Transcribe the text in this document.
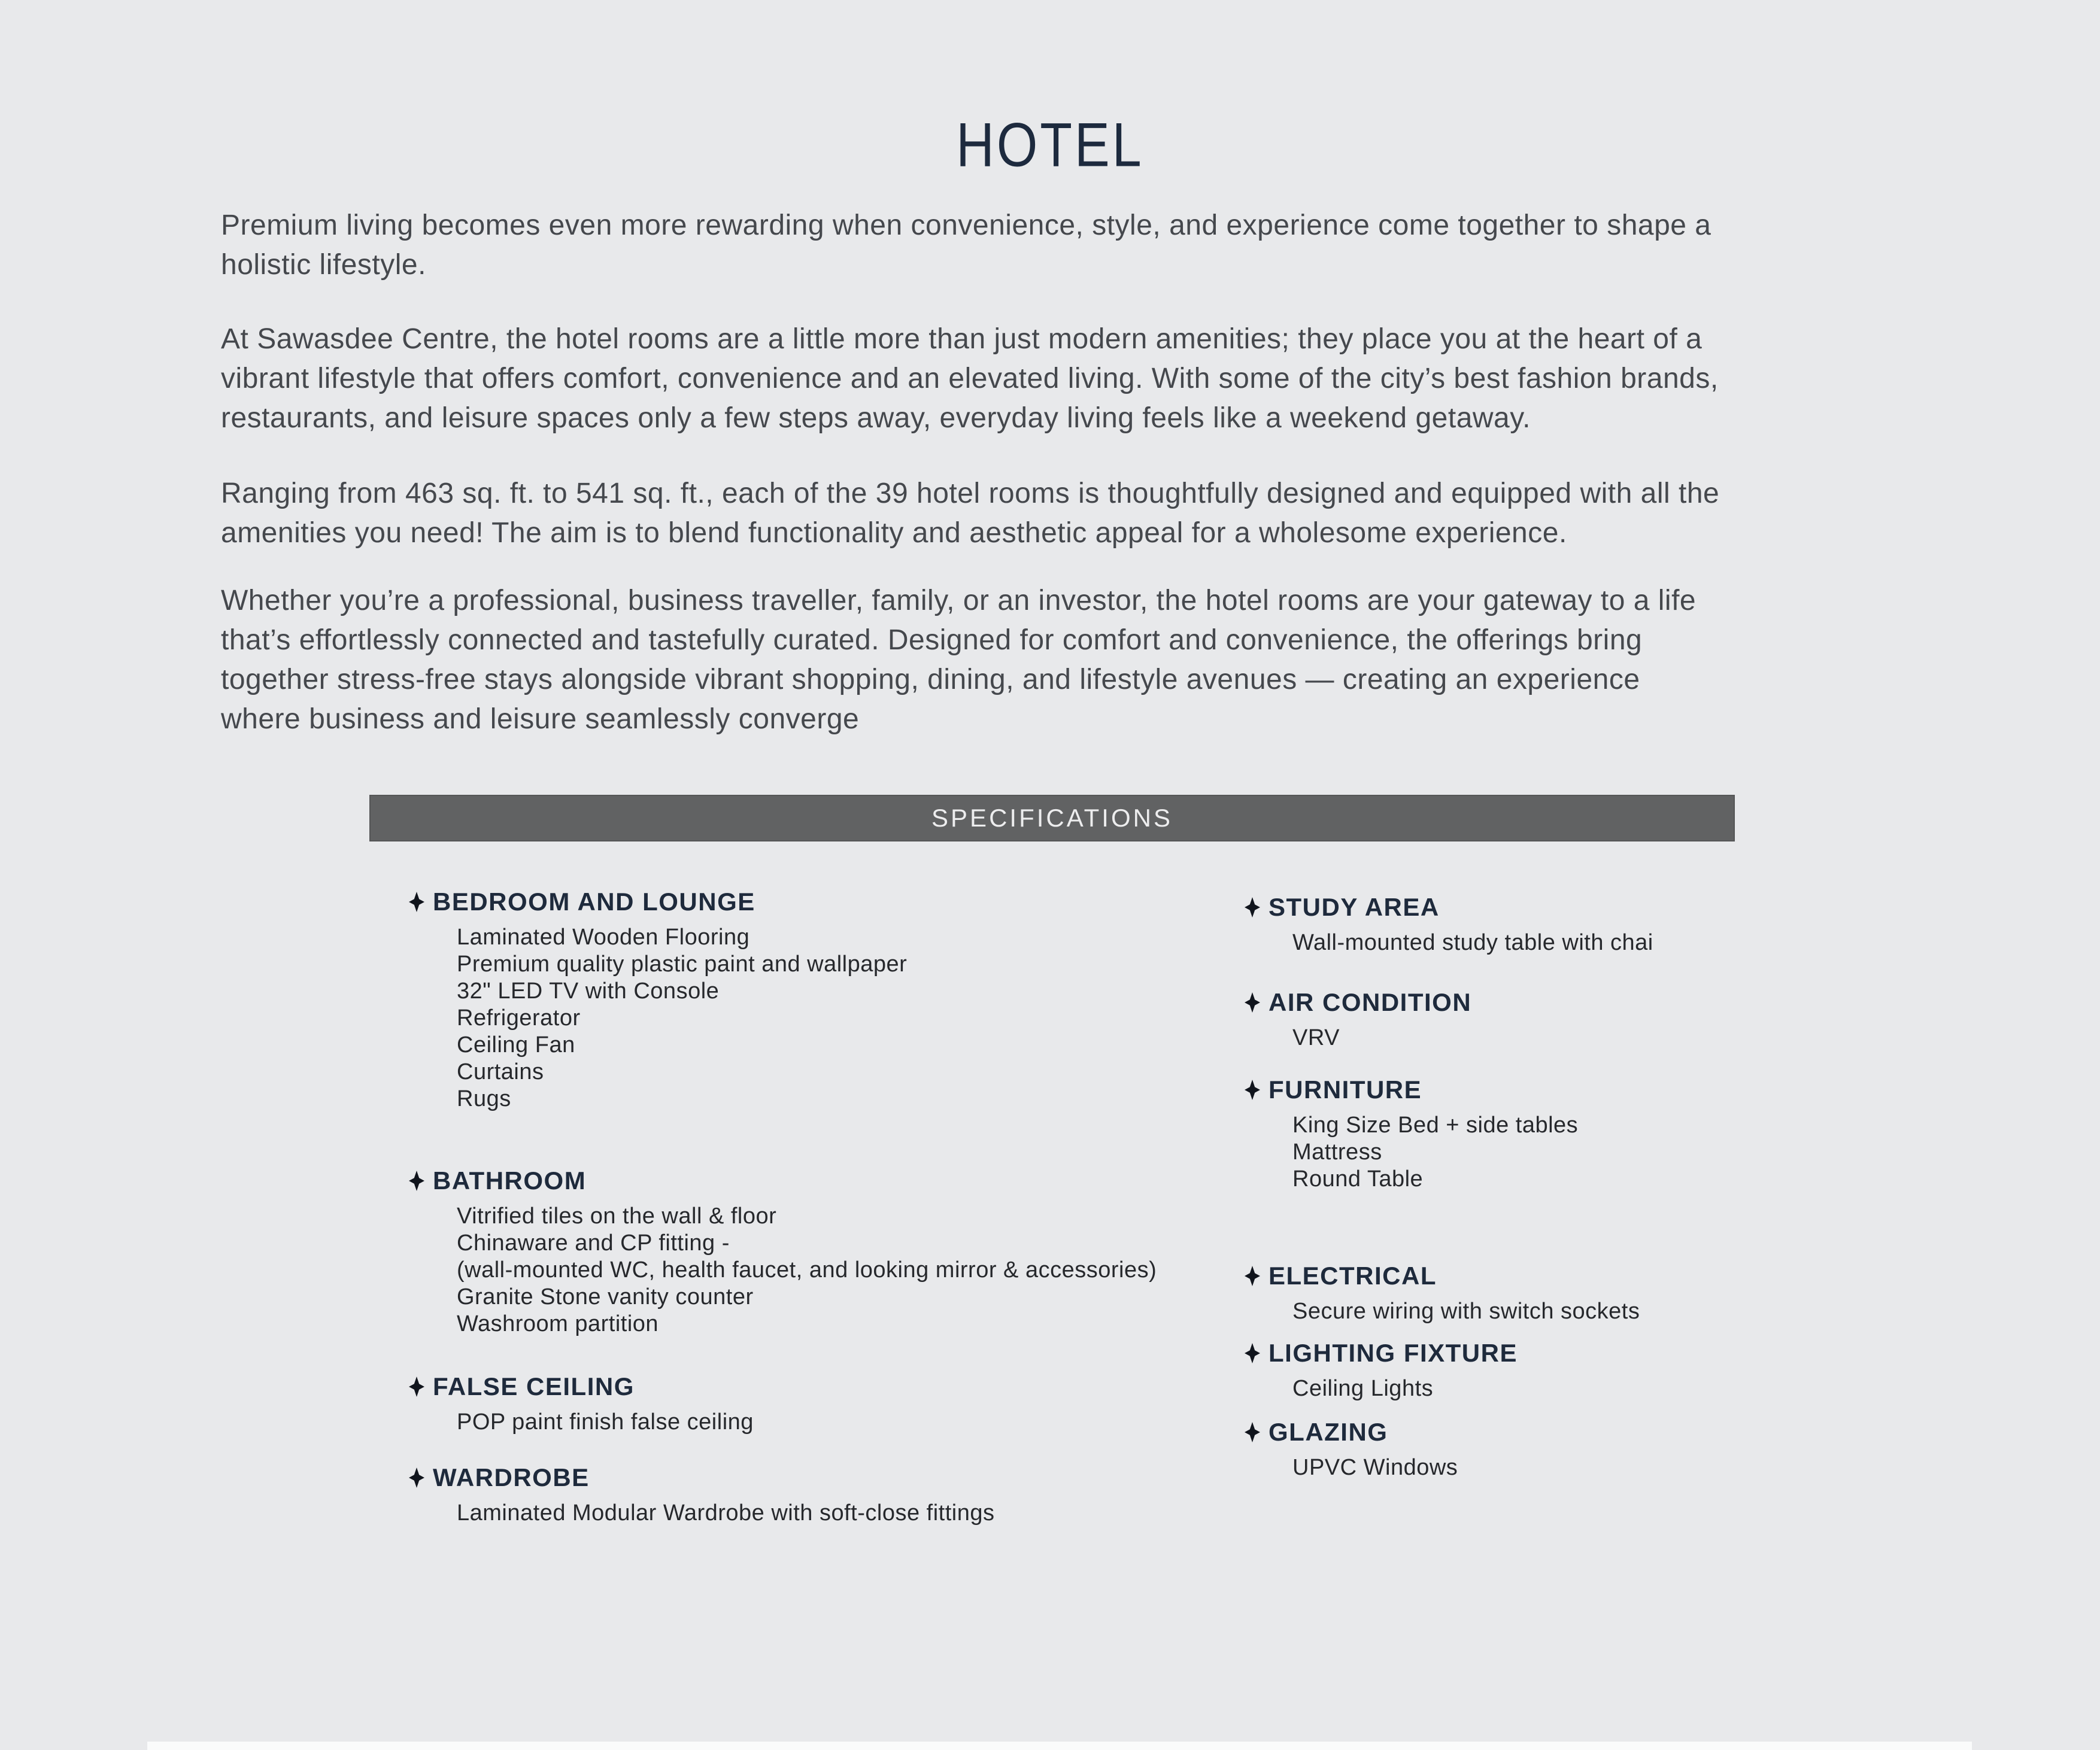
HOTEL
Premium living becomes even more rewarding when convenience, style, and experience come together to shape a
holistic lifestyle.
At Sawasdee Centre, the hotel rooms are a little more than just modern amenities; they place you at the heart of a
vibrant lifestyle that offers comfort, convenience and an elevated living. With some of the city’s best fashion brands,
restaurants, and leisure spaces only a few steps away, everyday living feels like a weekend getaway.
Ranging from 463 sq. ft. to 541 sq. ft., each of the 39 hotel rooms is thoughtfully designed and equipped with all the
amenities you need! The aim is to blend functionality and aesthetic appeal for a wholesome experience.
Whether you’re a professional, business traveller, family, or an investor, the hotel rooms are your gateway to a life
that’s effortlessly connected and tastefully curated. Designed for comfort and convenience, the offerings bring
together stress-free stays alongside vibrant shopping, dining, and lifestyle avenues — creating an experience
where business and leisure seamlessly converge
SPECIFICATIONS
BEDROOM AND LOUNGE
Laminated Wooden Flooring
Premium quality plastic paint and wallpaper
32" LED TV with Console
Refrigerator
Ceiling Fan
Curtains
Rugs
BATHROOM
Vitrified tiles on the wall & floor
Chinaware and CP fitting -
(wall-mounted WC, health faucet, and looking mirror & accessories)
Granite Stone vanity counter
Washroom partition
FALSE CEILING
POP paint finish false ceiling
WARDROBE
Laminated Modular Wardrobe with soft-close fittings
STUDY AREA
Wall-mounted study table with chai
AIR CONDITION
VRV
FURNITURE
King Size Bed + side tables
Mattress
Round Table
ELECTRICAL
Secure wiring with switch sockets
LIGHTING FIXTURE
Ceiling Lights
GLAZING
UPVC Windows
